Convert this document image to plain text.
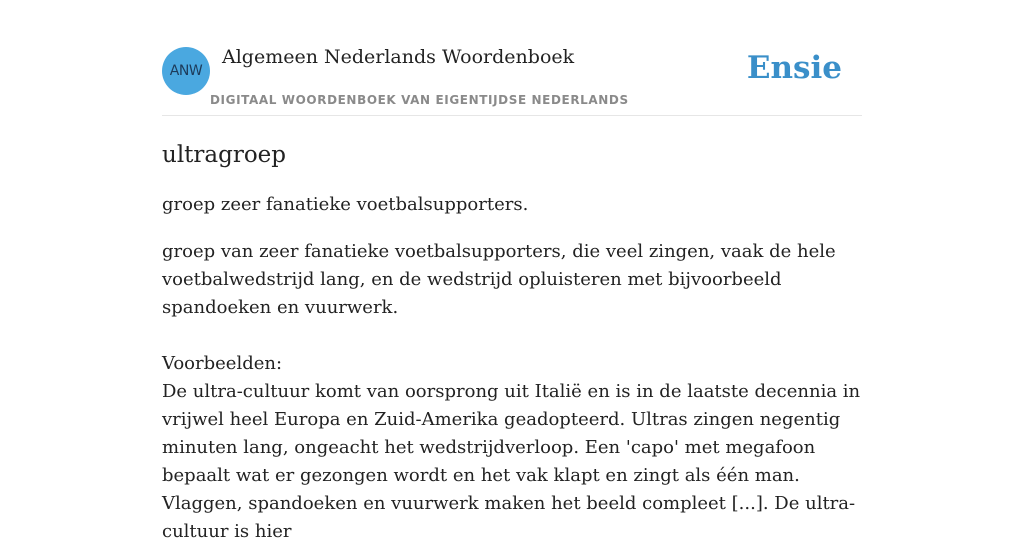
ANW
Algemeen Nederlands Woordenboek
DIGITAAL WOORDENBOEK VAN EIGENTIJDSE NEDERLANDS
Ensie
ultragroep

groep zeer fanatieke voetbalsupporters.

groep van zeer fanatieke voetbalsupporters, die veel zingen, vaak de hele voetbalwedstrijd lang, en de wedstrijd opluisteren met bijvoorbeeld spandoeken en vuurwerk.

Voorbeelden:

De ultra-cultuur komt van oorsprong uit Italië en is in de laatste decennia in vrijwel heel Europa en Zuid-Amerika geadopteerd. Ultras zingen negentig minuten lang, ongeacht het wedstrijdverloop. Een 'capo' met megafoon bepaalt wat er gezongen wordt en het vak klapt en zingt als één man. Vlaggen, spandoeken en vuurwerk maken het beeld compleet [...]. De ultra-cultuur is hier
